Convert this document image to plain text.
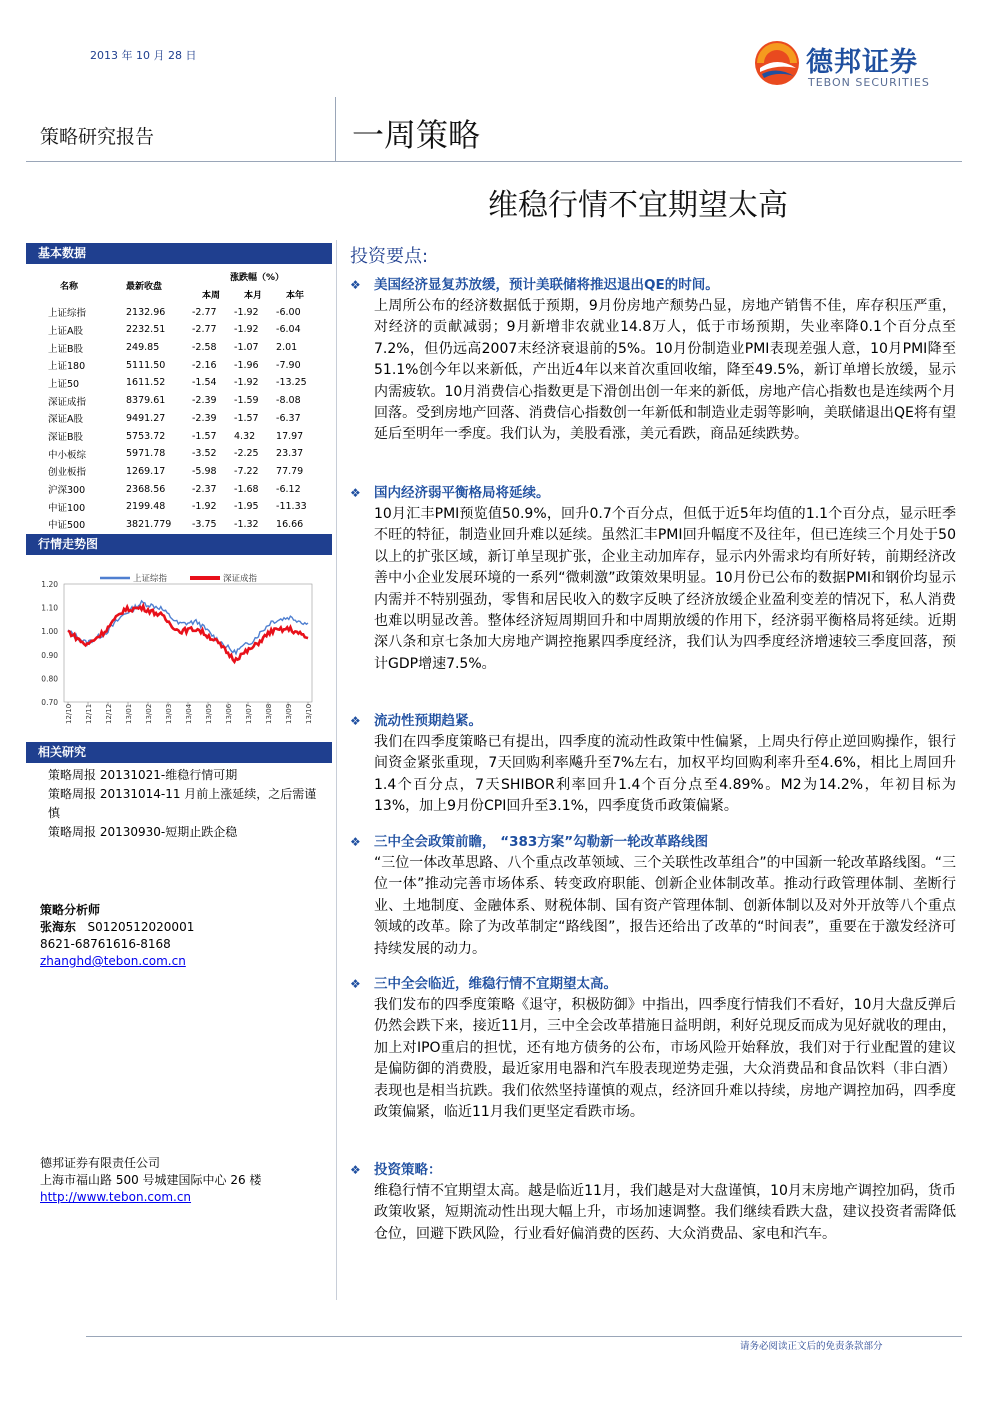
2013 年 10 月 28 日	德邦证券
TEBON SECURITIES
策略研究报告	一周策略
维稳行情不宜期望太高
基本数据
名称	最新收盘	涨跌幅（%）		
		本周	本月	本年
上证综指	2132.96	-2.77	-1.92	-6.00
上证A股	2232.51	-2.77	-1.92	-6.04
上证B股	249.85	-2.58	-1.07	2.01
上证180	5111.50	-2.16	-1.96	-7.90
上证50	1611.52	-1.54	-1.92	-13.25
深证成指	8379.61	-2.39	-1.59	-8.08
深证A股	9491.27	-2.39	-1.57	-6.37
深证B股	5753.72	-1.57	4.32	17.97
中小板综	5971.78	-3.52	-2.25	23.37
创业板指	1269.17	-5.98	-7.22	77.79
沪深300	2368.56	-2.37	-1.68	-6.12
中证100	2199.48	-1.92	-1.95	-11.33
中证500	3821.779	-3.75	-1.32	16.66
行情走势图
1.20
1.10
1.00
0.90
0.80
0.70
12/10 12/11 12/12 13/01 13/02 13/03 13/04 13/05 13/06 13/07 13/08 13/09 13/10
上证综指	深证成指
相关研究
策略周报 20131021-维稳行情可期
策略周报 20131014-11 月前上涨延续，之后需谨慎
策略周报 20130930-短期止跌企稳
策略分析师
张海东 S0120512020001
8621-68761616-8168
zhanghd@tebon.com.cn
德邦证券有限责任公司
上海市福山路 500 号城建国际中心 26 楼
http://www.tebon.com.cn
投资要点:
❖ 美国经济显复苏放缓，预计美联储将推迟退出QE的时间。
上周所公布的经济数据低于预期，9月份房地产颓势凸显，房地产销售不佳，库存积压严重，对经济的贡献减弱；9月新增非农就业14.8万人，低于市场预期，失业率降0.1个百分点至7.2%，但仍远高2007末经济衰退前的5%。10月份制造业PMI表现差强人意，10月PMI降至51.1%创今年以来新低，产出近4年以来首次重回收缩，降至49.5%，新订单增长放缓，显示内需疲软。10月消费信心指数更是下滑创出创一年来的新低，房地产信心指数也是连续两个月回落。受到房地产回落、消费信心指数创一年新低和制造业走弱等影响，美联储退出QE将有望延后至明年一季度。我们认为，美股看涨，美元看跌，商品延续跌势。
❖ 国内经济弱平衡格局将延续。
10月汇丰PMI预览值50.9%，回升0.7个百分点，但低于近5年均值的1.1个百分点，显示旺季不旺的特征，制造业回升难以延续。虽然汇丰PMI回升幅度不及往年，但已连续三个月处于50以上的扩张区域，新订单呈现扩张，企业主动加库存，显示内外需求均有所好转，前期经济改善中小企业发展环境的一系列“微刺激”政策效果明显。10月份已公布的数据PMI和钢价均显示内需并不特别强劲，零售和居民收入的数字反映了经济放缓企业盈利变差的情况下，私人消费也难以明显改善。整体经济短周期回升和中周期放缓的作用下，经济弱平衡格局将延续。近期深八条和京七条加大房地产调控拖累四季度经济，我们认为四季度经济增速较三季度回落，预计GDP增速7.5%。
❖ 流动性预期趋紧。
我们在四季度策略已有提出，四季度的流动性政策中性偏紧，上周央行停止逆回购操作，银行间资金紧张重现，7天回购利率飚升至7%左右，加权平均回购利率升至4.6%，相比上周回升1.4个百分点，7天SHIBOR利率回升1.4个百分点至4.89%。M2为14.2%，年初目标为13%，加上9月份CPI回升至3.1%，四季度货币政策偏紧。
❖ 三中全会政策前瞻， “383方案”勾勒新一轮改革路线图
“三位一体改革思路、八个重点改革领域、三个关联性改革组合”的中国新一轮改革路线图。“三位一体”推动完善市场体系、转变政府职能、创新企业体制改革。推动行政管理体制、垄断行业、土地制度、金融体系、财税体制、国有资产管理体制、创新体制以及对外开放等八个重点领域的改革。除了为改革制定“路线图”，报告还给出了改革的“时间表”，重要在于激发经济可持续发展的动力。
❖ 三中全会临近，维稳行情不宜期望太高。
我们发布的四季度策略《退守，积极防御》中指出，四季度行情我们不看好，10月大盘反弹后仍然会跌下来，接近11月，三中全会改革措施日益明朗，利好兑现反而成为见好就收的理由，加上对IPO重启的担忧，还有地方债务的公布，市场风险开始释放，我们对于行业配置的建议是偏防御的消费股，最近家用电器和汽车股表现逆势走强，大众消费品和食品饮料（非白酒）表现也是相当抗跌。我们依然坚持谨慎的观点，经济回升难以持续，房地产调控加码，四季度政策偏紧，临近11月我们更坚定看跌市场。
❖ 投资策略：
维稳行情不宜期望太高。越是临近11月，我们越是对大盘谨慎，10月末房地产调控加码，货币政策收紧，短期流动性出现大幅上升，市场加速调整。我们继续看跌大盘，建议投资者需降低仓位，回避下跌风险，行业看好偏消费的医药、大众消费品、家电和汽车。
请务必阅读正文后的免责条款部分
